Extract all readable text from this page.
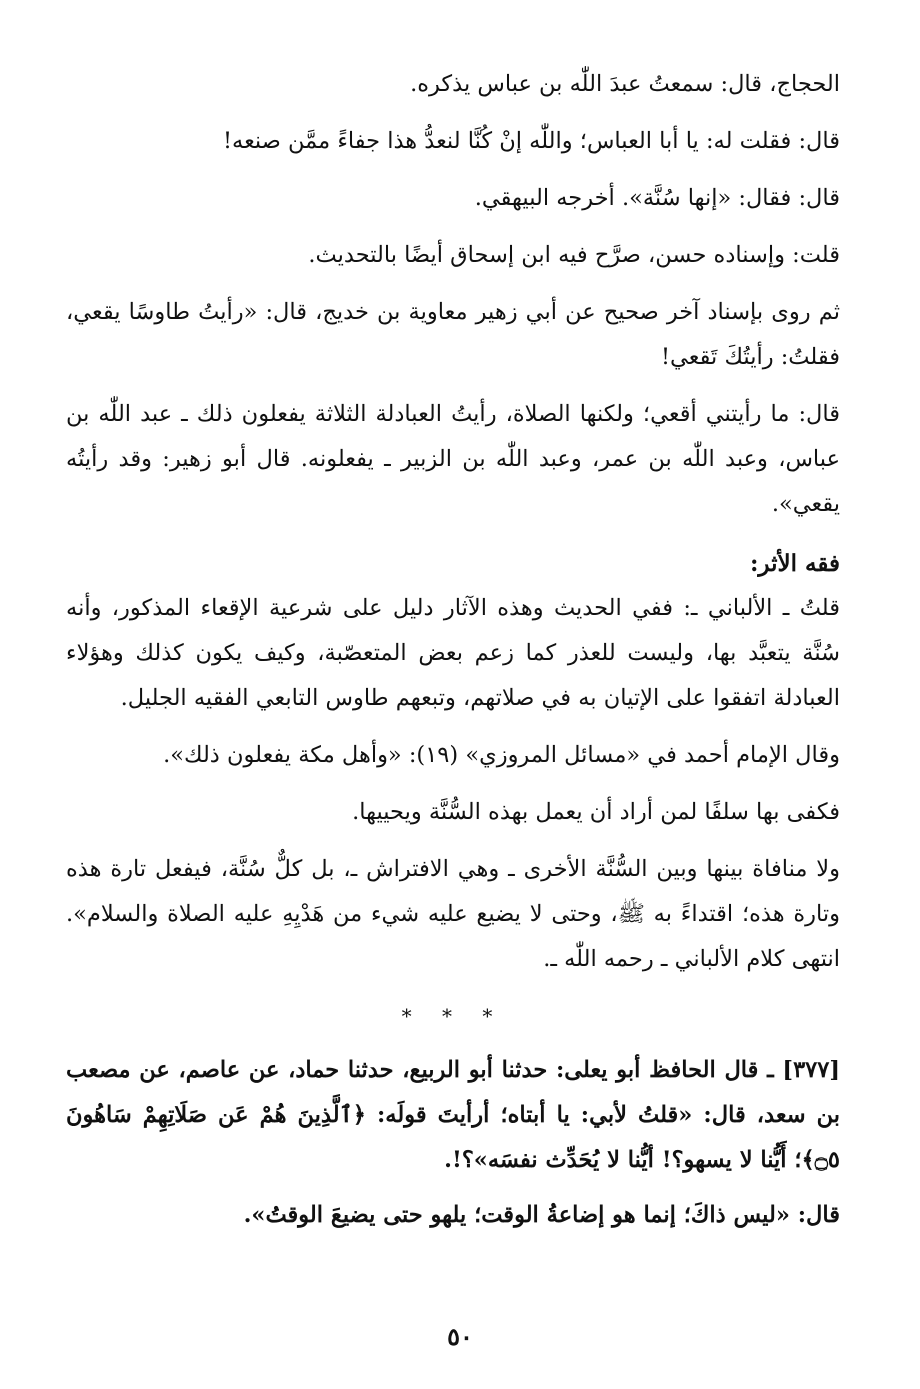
الحجاج، قال: سمعتُ عبدَ اللّٰه بن عباس يذكره.

قال: فقلت له: يا أبا العباس؛ واللّٰه إنْ كُنَّا لنعدُّ هذا جفاءً ممَّن صنعه!

قال: فقال: «إنها سُنَّة». أخرجه البيهقي.

قلت: وإسناده حسن، صرَّح فيه ابن إسحاق أيضًا بالتحديث.

ثم روى بإسناد آخر صحيح عن أبي زهير معاوية بن خديج، قال: «رأيتُ طاوسًا يقعي، فقلتُ: رأيتُكَ تَقعي!

قال: ما رأيتني أقعي؛ ولكنها الصلاة، رأيتُ العبادلة الثلاثة يفعلون ذلك ـ عبد اللّٰه بن عباس، وعبد اللّٰه بن عمر، وعبد اللّٰه بن الزبير ـ يفعلونه. قال أبو زهير: وقد رأيتُه يقعي».

فقه الأثر:

قلتُ ـ الألباني ـ: ففي الحديث وهذه الآثار دليل على شرعية الإقعاء المذكور، وأنه سُنَّة يتعبَّد بها، وليست للعذر كما زعم بعض المتعصّبة، وكيف يكون كذلك وهؤلاء العبادلة اتفقوا على الإتيان به في صلاتهم، وتبعهم طاوس التابعي الفقيه الجليل.

وقال الإمام أحمد في «مسائل المروزي» (١٩): «وأهل مكة يفعلون ذلك».

فكفى بها سلفًا لمن أراد أن يعمل بهذه السُّنَّة ويحييها.

ولا منافاة بينها وبين السُّنَّة الأخرى ـ وهي الافتراش ـ، بل كلٌّ سُنَّة، فيفعل تارة هذه وتارة هذه؛ اقتداءً به ﷺ، وحتى لا يضيع عليه شيء من هَدْيِهِ عليه الصلاة والسلام». انتهى كلام الألباني ـ رحمه اللّٰه ـ.

* * *

[٣٧٧] ـ قال الحافظ أبو يعلى: حدثنا أبو الربيع، حدثنا حماد، عن عاصم، عن مصعب بن سعد، قال: «قلتُ لأبي: يا أبتاه؛ أرأيتَ قولَه: ﴿ٱلَّذِينَ هُمْ عَن صَلَاتِهِمْ سَاهُونَ ۝٥﴾؛ أَيُّنا لا يسهو؟! أيُّنا لا يُحَدِّث نفسَه»؟!.

قال: «ليس ذاكَ؛ إنما هو إضاعةُ الوقت؛ يلهو حتى يضيعَ الوقتُ».

٥٠
